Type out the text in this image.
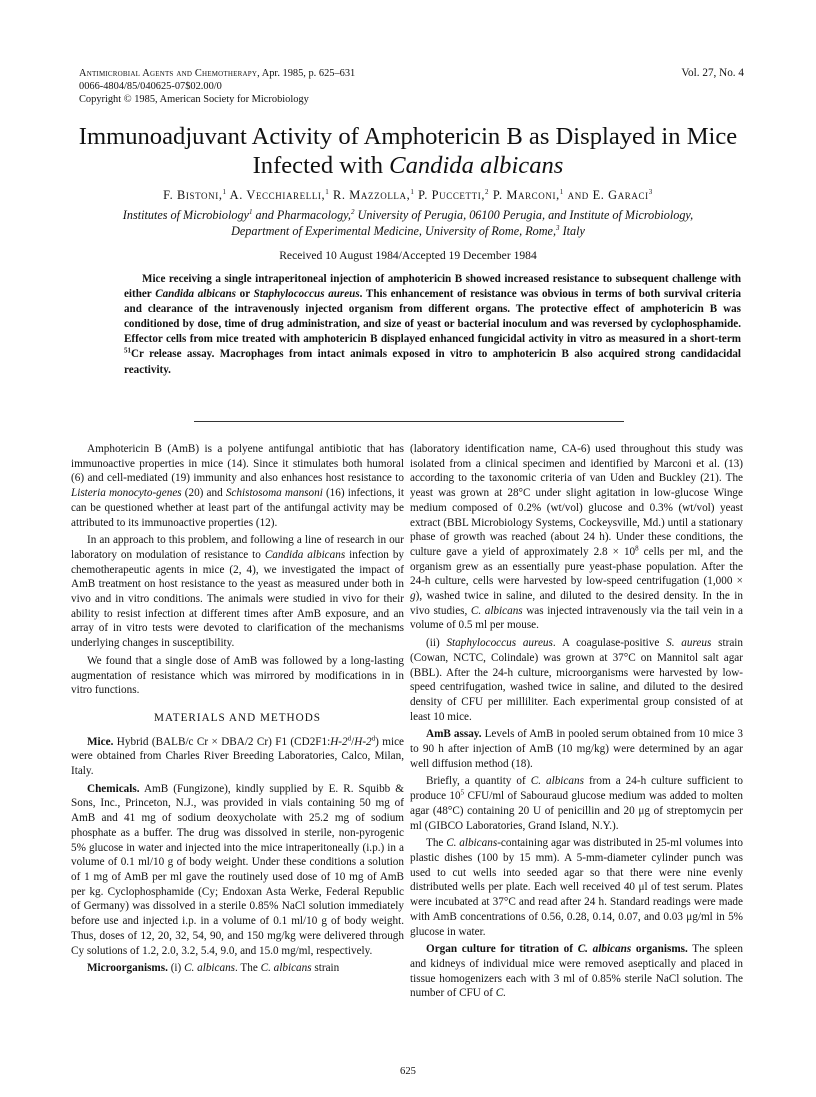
Antimicrobial Agents and Chemotherapy, Apr. 1985, p. 625–631
0066-4804/85/040625-07$02.00/0
Copyright © 1985, American Society for Microbiology
Vol. 27, No. 4
Immunoadjuvant Activity of Amphotericin B as Displayed in Mice
Infected with Candida albicans
F. Bistoni,$^1$ A. Vecchiarelli,$^1$ R. Mazzolla,$^1$ P. Puccetti,$^2$ P. Marconi,$^1$ and E. Garaci$^3$
Institutes of Microbiology$^1$ and Pharmacology,$^2$ University of Perugia, 06100 Perugia, and Institute of Microbiology,
Department of Experimental Medicine, University of Rome, Rome,$^3$ Italy
Received 10 August 1984/Accepted 19 December 1984
Mice receiving a single intraperitoneal injection of amphotericin B showed increased resistance to subsequent challenge with either Candida albicans or Staphylococcus aureus. This enhancement of resistance was obvious in terms of both survival criteria and clearance of the intravenously injected organism from different organs. The protective effect of amphotericin B was conditioned by dose, time of drug administration, and size of yeast or bacterial inoculum and was reversed by cyclophosphamide. Effector cells from mice treated with amphotericin B displayed enhanced fungicidal activity in vitro as measured in a short-term $^{51}$Cr release assay. Macrophages from intact animals exposed in vitro to amphotericin B also acquired strong candidacidal reactivity.

Amphotericin B (AmB) is a polyene antifungal antibiotic that has immunoactive properties in mice (14). Since it stimulates both humoral (6) and cell-mediated (19) immunity and also enhances host resistance to Listeria monocyto-genes (20) and Schistosoma mansoni (16) infections, it can be questioned whether at least part of the antifungal activity may be attributed to its immunoactive properties (12).

In an approach to this problem, and following a line of research in our laboratory on modulation of resistance to Candida albicans infection by chemotherapeutic agents in mice (2, 4), we investigated the impact of AmB treatment on host resistance to the yeast as measured under both in vivo and in vitro conditions. The animals were studied in vivo for their ability to resist infection at different times after AmB exposure, and an array of in vitro tests were devoted to clarification of the mechanisms underlying changes in susceptibility.

We found that a single dose of AmB was followed by a long-lasting augmentation of resistance which was mirrored by modifications in in vitro functions.

MATERIALS AND METHODS

Mice. Hybrid (BALB/c Cr × DBA/2 Cr) F1 (CD2F1:H-2$^d$/H-2$^d$) mice were obtained from Charles River Breeding Laboratories, Calco, Milan, Italy.

Chemicals. AmB (Fungizone), kindly supplied by E. R. Squibb & Sons, Inc., Princeton, N.J., was provided in vials containing 50 mg of AmB and 41 mg of sodium deoxycholate with 25.2 mg of sodium phosphate as a buffer. The drug was dissolved in sterile, non-pyrogenic 5% glucose in water and injected into the mice intraperitoneally (i.p.) in a volume of 0.1 ml/10 g of body weight. Under these conditions a solution of 1 mg of AmB per ml gave the routinely used dose of 10 mg of AmB per kg. Cyclophosphamide (Cy; Endoxan Asta Werke, Federal Republic of Germany) was dissolved in a sterile 0.85% NaCl solution immediately before use and injected i.p. in a volume of 0.1 ml/10 g of body weight. Thus, doses of 12, 20, 32, 54, 90, and 150 mg/kg were delivered through Cy solutions of 1.2, 2.0, 3.2, 5.4, 9.0, and 15.0 mg/ml, respectively.

Microorganisms. (i) C. albicans. The C. albicans strain

(laboratory identification name, CA-6) used throughout this study was isolated from a clinical specimen and identified by Marconi et al. (13) according to the taxonomic criteria of van Uden and Buckley (21). The yeast was grown at 28°C under slight agitation in low-glucose Winge medium composed of 0.2% (wt/vol) glucose and 0.3% (wt/vol) yeast extract (BBL Microbiology Systems, Cockeysville, Md.) until a stationary phase of growth was reached (about 24 h). Under these conditions, the culture gave a yield of approximately $2.8 \times 10^8$ cells per ml, and the organism grew as an essentially pure yeast-phase population. After the 24-h culture, cells were harvested by low-speed centrifugation (1,000 × g), washed twice in saline, and diluted to the desired density. In the in vivo studies, C. albicans was injected intravenously via the tail vein in a volume of 0.5 ml per mouse.

(ii) Staphylococcus aureus. A coagulase-positive S. aureus strain (Cowan, NCTC, Colindale) was grown at 37°C on Mannitol salt agar (BBL). After the 24-h culture, microorganisms were harvested by low-speed centrifugation, washed twice in saline, and diluted to the desired density of CFU per milliliter. Each experimental group consisted of at least 10 mice.

AmB assay. Levels of AmB in pooled serum obtained from 10 mice 3 to 90 h after injection of AmB (10 mg/kg) were determined by an agar well diffusion method (18).

Briefly, a quantity of C. albicans from a 24-h culture sufficient to produce $10^5$ CFU/ml of Sabouraud glucose medium was added to molten agar (48°C) containing 20 U of penicillin and 20 μg of streptomycin per ml (GIBCO Laboratories, Grand Island, N.Y.).

The C. albicans-containing agar was distributed in 25-ml volumes into plastic dishes (100 by 15 mm). A 5-mm-diameter cylinder punch was used to cut wells into seeded agar so that there were nine evenly distributed wells per plate. Each well received 40 μl of test serum. Plates were incubated at 37°C and read after 24 h. Standard readings were made with AmB concentrations of 0.56, 0.28, 0.14, 0.07, and 0.03 μg/ml in 5% glucose in water.

Organ culture for titration of C. albicans organisms. The spleen and kidneys of individual mice were removed aseptically and placed in tissue homogenizers each with 3 ml of 0.85% sterile NaCl solution. The number of CFU of C.

625
